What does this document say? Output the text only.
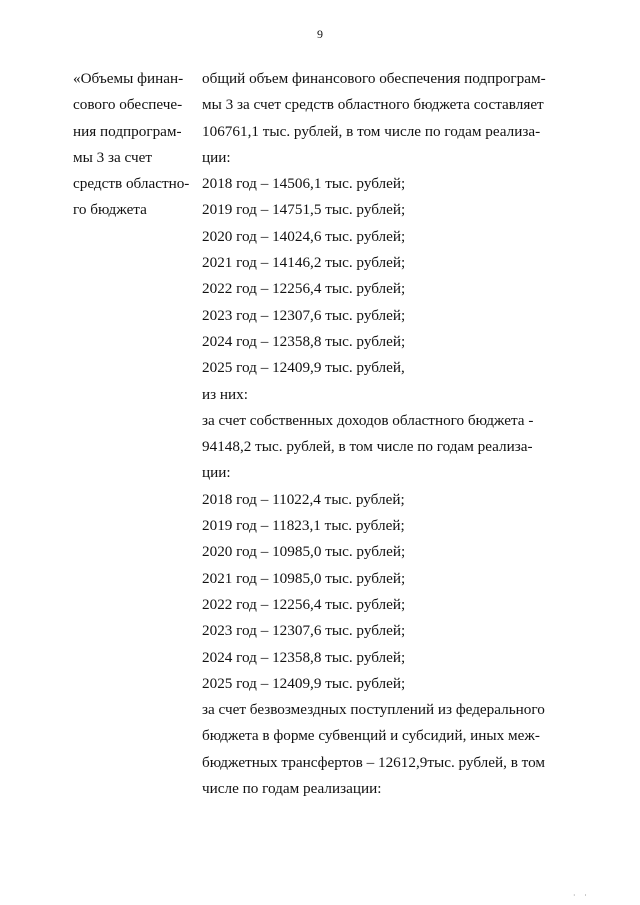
9
«Объемы финан-
сового обеспече-
ния подпрограм-
мы 3 за счет
средств областно-
го бюджета
общий объем финансового обеспечения подпрограм-
мы 3 за счет средств областного бюджета составляет
106761,1 тыс. рублей, в том числе по годам реализа-
ции:
2018 год – 14506,1 тыс. рублей;
2019 год – 14751,5 тыс. рублей;
2020 год – 14024,6 тыс. рублей;
2021 год – 14146,2 тыс. рублей;
2022 год – 12256,4 тыс. рублей;
2023 год – 12307,6 тыс. рублей;
2024 год – 12358,8 тыс. рублей;
2025 год – 12409,9 тыс. рублей,
из них:
за счет собственных доходов областного бюджета -
94148,2 тыс. рублей, в том числе по годам реализа-
ции:
2018 год – 11022,4 тыс. рублей;
2019 год – 11823,1 тыс. рублей;
2020 год – 10985,0 тыс. рублей;
2021 год – 10985,0 тыс. рублей;
2022 год – 12256,4 тыс. рублей;
2023 год – 12307,6 тыс. рублей;
2024 год – 12358,8 тыс. рублей;
2025 год – 12409,9 тыс. рублей;
за счет безвозмездных поступлений из федерального
бюджета в форме субвенций и субсидий, иных меж-
бюджетных трансфертов – 12612,9тыс. рублей, в том
числе по годам реализации:
˙ ˙
